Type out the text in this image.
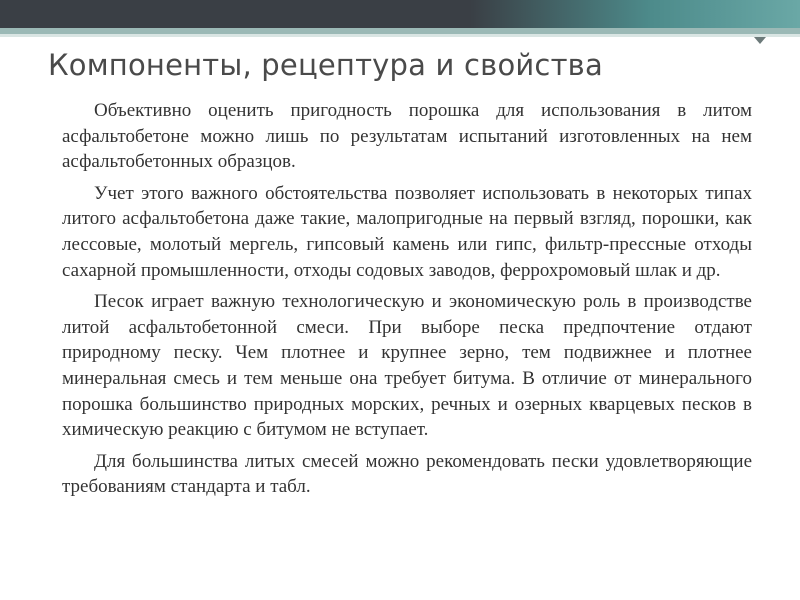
Компоненты, рецептура и свойства

Объективно оценить пригодность порошка для использования в литом асфальтобетоне можно лишь по результатам испытаний изготовленных на нем асфальтобетонных образцов.

Учет этого важного обстоятельства позволяет использовать в некоторых типах литого асфальтобетона даже такие, малопригодные на первый взгляд, порошки, как лессовые, молотый мергель, гипсовый камень или гипс, фильтр-прессные отходы сахарной промышленности, отходы содовых заводов, феррохромовый шлак и др.

Песок играет важную технологическую и экономическую роль в производстве литой асфальтобетонной смеси. При выборе песка предпочтение отдают природному песку. Чем плотнее и крупнее зерно, тем подвижнее и плотнее минеральная смесь и тем меньше она требует битума. В отличие от минерального порошка большинство природных морских, речных и озерных кварцевых песков в химическую реакцию с битумом не вступает.

Для большинства литых смесей можно рекомендовать пески удовлетворяющие требованиям стандарта и табл.
